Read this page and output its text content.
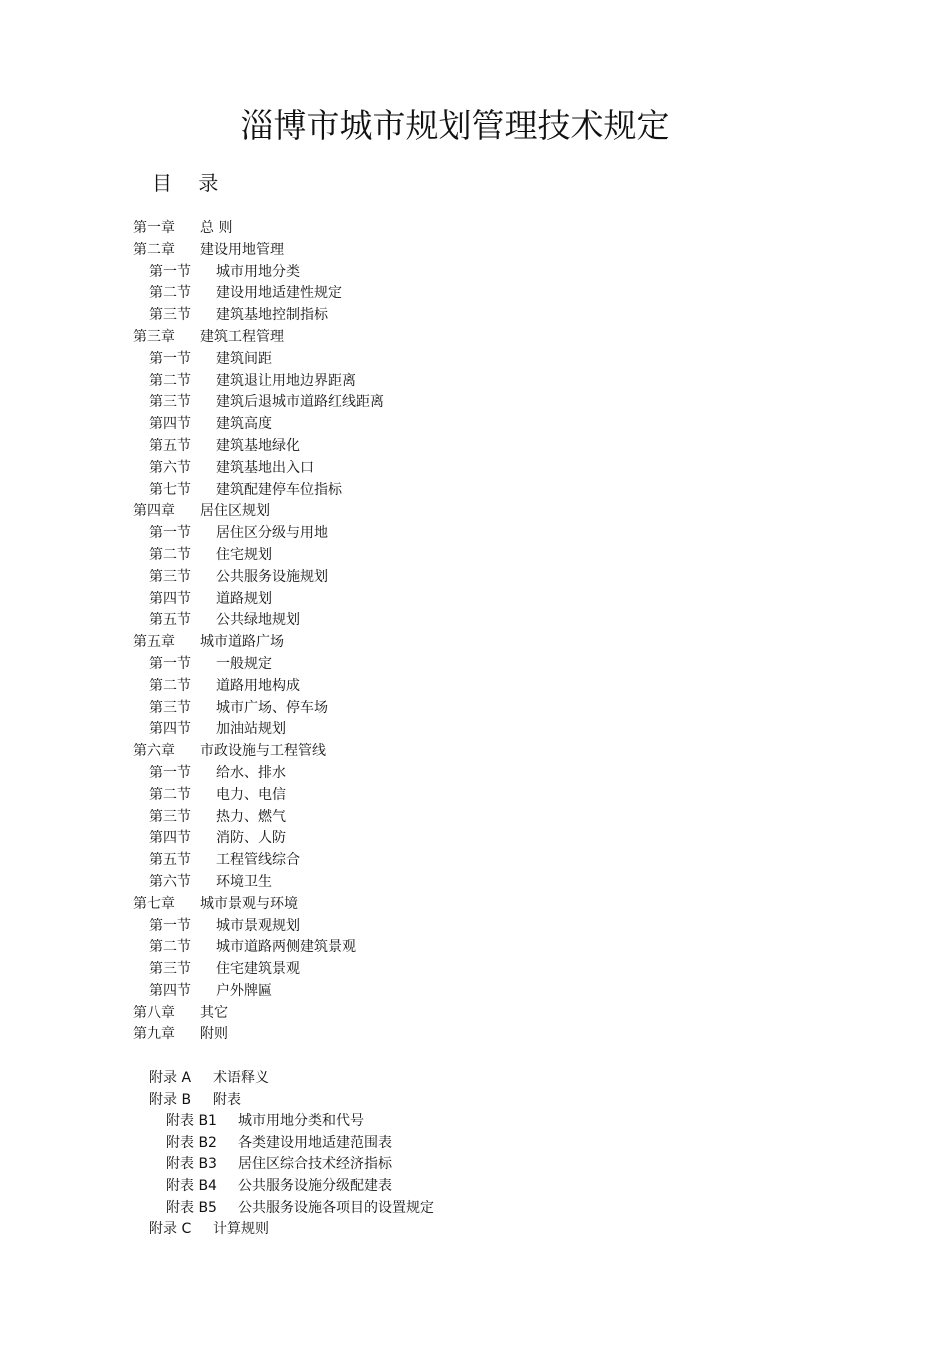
淄博市城市规划管理技术规定
目 录
第一章	总 则
第二章	建设用地管理
第一节	城市用地分类
第二节	建设用地适建性规定
第三节	建筑基地控制指标
第三章	建筑工程管理
第一节	建筑间距
第二节	建筑退让用地边界距离
第三节	建筑后退城市道路红线距离
第四节	建筑高度
第五节	建筑基地绿化
第六节	建筑基地出入口
第七节	建筑配建停车位指标
第四章	居住区规划
第一节	居住区分级与用地
第二节	住宅规划
第三节	公共服务设施规划
第四节	道路规划
第五节	公共绿地规划
第五章	城市道路广场
第一节	一般规定
第二节	道路用地构成
第三节	城市广场、停车场
第四节	加油站规划
第六章	市政设施与工程管线
第一节	给水、排水
第二节	电力、电信
第三节	热力、燃气
第四节	消防、人防
第五节	工程管线综合
第六节	环境卫生
第七章	城市景观与环境
第一节	城市景观规划
第二节	城市道路两侧建筑景观
第三节	住宅建筑景观
第四节	户外牌匾
第八章	其它
第九章	附则
附录 A	术语释义
附录 B	附表
附表 B1	城市用地分类和代号
附表 B2	各类建设用地适建范围表
附表 B3	居住区综合技术经济指标
附表 B4	公共服务设施分级配建表
附表 B5	公共服务设施各项目的设置规定
附录 C	计算规则
